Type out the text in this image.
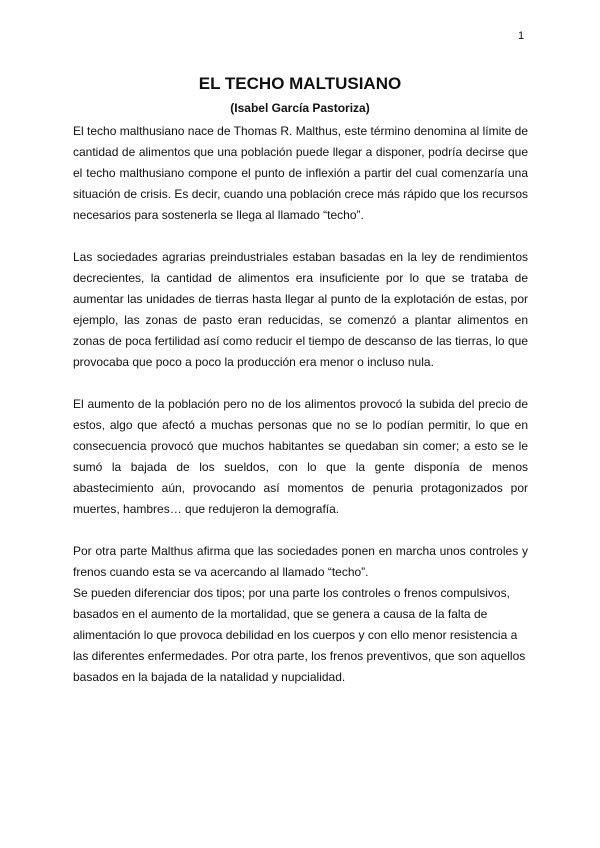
1
EL TECHO MALTUSIANO
(Isabel García Pastoriza)

El techo malthusiano nace de Thomas R. Malthus, este término denomina al límite de cantidad de alimentos que una población puede llegar a disponer, podría decirse que el techo malthusiano compone el punto de inflexión a partir del cual comenzaría una situación de crisis. Es decir, cuando una población crece más rápido que los recursos necesarios para sostenerla se llega al llamado “techo”.

Las sociedades agrarias preindustriales estaban basadas en la ley de rendimientos decrecientes, la cantidad de alimentos era insuficiente por lo que se trataba de aumentar las unidades de tierras hasta llegar al punto de la explotación de estas, por ejemplo, las zonas de pasto eran reducidas, se comenzó a plantar alimentos en zonas de poca fertilidad así como reducir el tiempo de descanso de las tierras, lo que provocaba que poco a poco la producción era menor o incluso nula.

El aumento de la población pero no de los alimentos provocó la subida del precio de estos, algo que afectó a muchas personas que no se lo podían permitir, lo que en consecuencia provocó que muchos habitantes se quedaban sin comer; a esto se le sumó la bajada de los sueldos, con lo que la gente disponía de menos abastecimiento aún, provocando así momentos de penuria protagonizados por muertes, hambres… que redujeron la demografía.

Por otra parte Malthus afirma que las sociedades ponen en marcha unos controles y frenos cuando esta se va acercando al llamado “techo”.

Se pueden diferenciar dos tipos; por una parte los controles o frenos compulsivos, basados en el aumento de la mortalidad, que se genera a causa de la falta de alimentación lo que provoca debilidad en los cuerpos y con ello menor resistencia a las diferentes enfermedades. Por otra parte, los frenos preventivos, que son aquellos basados en la bajada de la natalidad y nupcialidad.
